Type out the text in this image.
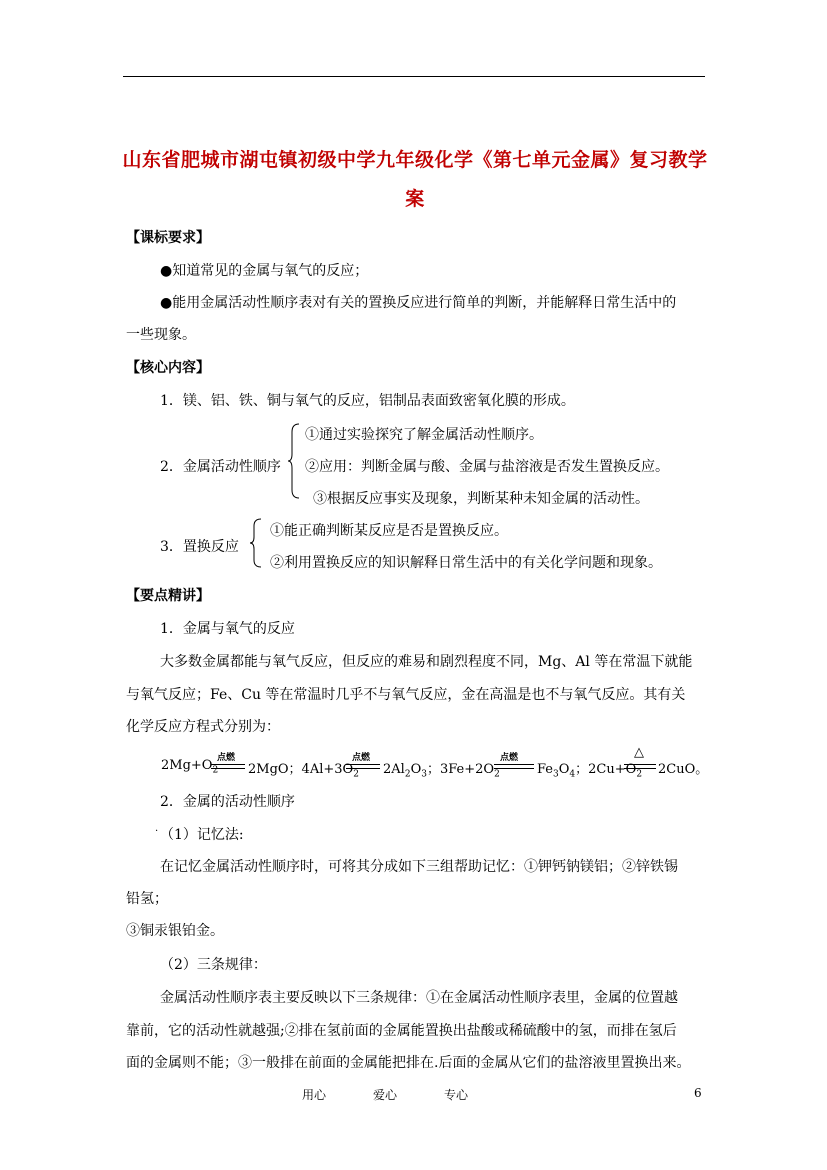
山东省肥城市湖屯镇初级中学九年级化学《第七单元金属》复习教学
案
【课标要求】
●知道常见的金属与氧气的反应；
●能用金属活动性顺序表对有关的置换反应进行简单的判断，并能解释日常生活中的
一些现象。
【核心内容】
1．镁、铝、铁、铜与氧气的反应，铝制品表面致密氧化膜的形成。
2．金属活动性顺序
①通过实验探究了解金属活动性顺序。
②应用：判断金属与酸、金属与盐溶液是否发生置换反应。
③根据反应事实及现象，判断某种未知金属的活动性。
3．置换反应
①能正确判断某反应是否是置换反应。
②利用置换反应的知识解释日常生活中的有关化学问题和现象。
【要点精讲】
1．金属与氧气的反应
大多数金属都能与氧气反应，但反应的难易和剧烈程度不同，Mg、Al 等在常温下就能
与氧气反应；Fe、Cu 等在常温时几乎不与氧气反应，金在高温是也不与氧气反应。其有关
化学反应方程式分别为：
$2Mg+O_2$
点燃
2MgO；$4Al+3O_2$
点燃
$2Al_2O_3$；$3Fe+2O_2$
点燃
$Fe_3O_4$；$2Cu+O_2$
△
2CuO。
2．金属的活动性顺序
. （1）记忆法:
在记忆金属活动性顺序时，可将其分成如下三组帮助记忆：①钾钙钠镁铝；②锌铁锡
铅氢；
③铜汞银铂金。
（2）三条规律：
金属活动性顺序表主要反映以下三条规律：①在金属活动性顺序表里，金属的位置越
靠前，它的活动性就越强;②排在氢前面的金属能置换出盐酸或稀硫酸中的氢，而排在氢后
面的金属则不能；③一般排在前面的金属能把排在.后面的金属从它们的盐溶液里置换出来。
用心	爱心	专心	6
